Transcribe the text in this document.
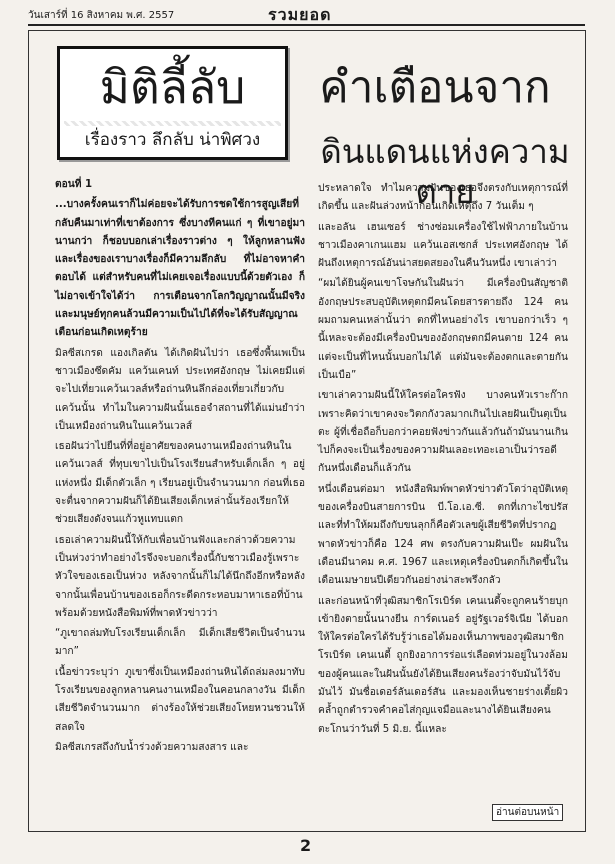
วันเสาร์ที่ 16 สิงหาคม พ.ศ. 2557	รวมยอด
มิติลี้ลับ
เรื่องราว ลึกลับ น่าพิศวง
คำเตือนจาก
ดินแดนแห่งความตาย

ตอนที่ 1

...บางครั้งคนเราก็ไม่ค่อยจะได้รับการชดใช้การสูญเสียที่กลับคืนมาเท่าที่เขาต้องการ ซึ่งบางทีคนแก่ ๆ ที่เขาอยู่มานานกว่า ก็ชอบบอกเล่าเรื่องราวต่าง ๆ ให้ลูกหลานฟัง และเรื่องของเราบางเรื่องก็มีความลึกลับ ที่ไม่อาจหาคำตอบได้ แต่สำหรับคนที่ไม่เคยเจอเรื่องแบบนี้ด้วยตัวเอง ก็ไม่อาจเข้าใจได้ว่า การเตือนจากโลกวิญญาณนั้นมีจริง และมนุษย์ทุกคนล้วนมีความเป็นไปได้ที่จะได้รับสัญญาณเตือนก่อนเกิดเหตุร้าย

มิลซีสเกรด แองเกิลตัน ได้เกิดฝันไปว่า เธอซึ่งพื้นเพเป็นชาวเมืองซึดคัม แคว้นเคนท์ ประเทศอังกฤษ ไม่เคยมีแต่จะไปเที่ยวแคว้นเวลส์หรือถ่านหินลึกล่องเที่ยวเกี่ยวกับแคว้นนั้น ทำไมในความฝันนั้นเธอจำสถานที่ได้แม่นยำว่าเป็นเหมืองถ่านหินในแคว้นเวลส์

เธอฝันว่าไปยืนที่ที่อยู่อาศัยของคนงานเหมืองถ่านหินในแคว้นเวลส์ ที่ทุบเขาไปเป็นโรงเรียนสำหรับเด็กเล็ก ๆ อยู่แห่งหนึ่ง มีเด็กตัวเล็ก ๆ เรียนอยู่เป็นจำนวนมาก ก่อนที่เธอจะตื่นจากความฝันก็ได้ยินเสียงเด็กเหล่านั้นร้องเรียกให้ช่วยเสียงดังจนแก้วหูแทบแตก

เธอเล่าความฝันนี้ให้กับเพื่อนบ้านฟังและกล่าวด้วยความเป็นห่วงว่าทำอย่างไรจึงจะบอกเรื่องนี้กับชาวเมืองรู้เพราะหัวใจของเธอเป็นห่วง หลังจากนั้นก็ไม่ได้นึกถึงอีกหรือหลังจากนั้นเพื่อนบ้านของเธอก็กระดีดกระหอบมาหาเธอที่บ้านพร้อมด้วยหนังสือพิมพ์ที่พาดหัวข่าวว่า

“ภูเขาถล่มทับโรงเรียนเด็กเล็ก มีเด็กเสียชีวิตเป็นจำนวนมาก”

เนื้อข่าวระบุว่า ภูเขาซึ่งเป็นเหมืองถ่านหินได้ถล่มลงมาทับโรงเรียนของลูกหลานคนงานเหมืองในคอนกลางวัน มีเด็กเสียชีวิตจำนวนมาก ต่างร้องให้ช่วยเสียงโหยหวนชวนให้สลดใจ

มิลซีสเกรสถึงกับน้ำร่วงด้วยความสงสาร และ

ประหลาดใจ ทำไมความฝันของเธอจึงตรงกับเหตุการณ์ที่เกิดขึ้น และฝันล่วงหน้าก่อนเกิดเหตุถึง 7 วันเต็ม ๆ

และอลัน เฮนเซอร์ ช่างซ่อมเครื่องใช้ไฟฟ้าภายในบ้านชาวเมืองคาเกนแฮม แคว้นเอสเซกส์ ประเทศอังกฤษ ได้ฝันถึงเหตุการณ์อันน่าสยดสยองในคืนวันหนึ่ง เขาเล่าว่า

“ผมได้ยินผู้คนเขาโจษกันในฝันว่า มีเครื่องบินสัญชาติอังกฤษประสบอุบัติเหตุตกมีคนโดยสารตายถึง 124 คน ผมถามคนเหล่านั้นว่า ตกที่ไหนอย่างไร เขาบอกว่าเร็ว ๆ นี้เหละจะต้องมีเครื่องบินของอังกฤษตกมีคนตาย 124 คน แต่จะเป็นที่ไหนนั้นบอกไม่ได้ แต่มันจะต้องตกและตายกันเป็นเบือ”

เขาเล่าความฝันนี้ให้ใครต่อใครฟัง บางคนหัวเราะก๊าก เพราะคิดว่าเขาคงจะวิตกกังวลมากเกินไปเลยฝันเป็นตุเป็นตะ ผู้ที่เชื่อถือก็บอกว่าคอยฟังข่าวกันแล้วกันถ้ามันนานเกินไปก็คงจะเป็นเรื่องของความฝันเลอะเทอะเอาเป็นว่ารอดีกันหนึ่งเดือนก็แล้วกัน

หนึ่งเดือนต่อมา หนังสือพิมพ์พาดหัวข่าวตัวโตว่าอุบัติเหตุของเครื่องบินสายการบิน บี.โอ.เอ.ซี. ตกที่เกาะไซปรัส และที่ทำให้ผมถึงกับขนลุกก็คือตัวเลขผู้เสียชีวิตที่ปรากฏพาดหัวข่าวก็คือ 124 ศพ ตรงกับความฝันเป๊ะ ผมฝันในเดือนมีนาคม ค.ศ. 1967 และเหตุเครื่องบินตกก็เกิดขึ้นในเดือนเมษายนปีเดียวกันอย่างน่าสะพรึงกลัว

และก่อนหน้าที่วุฒิสมาชิกโรเบิร์ต เคนเนดี้จะถูกคนร้ายบุกเข้ายิงตายนั้นนางยีน การ์ดเนอร์ อยู่รัฐเวอร์จิเนีย ได้บอกให้ใครต่อใครได้รับรู้ว่าเธอได้มองเห็นภาพของวุฒิสมาชิกโรเบิร์ต เคนเนดี้ ถูกยิงอาการร่อแร่เลือดท่วมอยู่ในวงล้อมของผู้คนและในฝันนั้นยังได้ยินเสียงคนร้องว่าจับมันไว้จับมันไว้ มันชื่อเดอร์ลันเดอร์สัน และมองเห็นชายร่างเตี้ยผิวคล้ำถูกตำรวจคำคอไส่กุญแจมือและนางได้ยินเสียงคนตะโกนว่าวันที่ 5 มิ.ย. นี้แหละ

อ่านต่อบนหน้า
2
